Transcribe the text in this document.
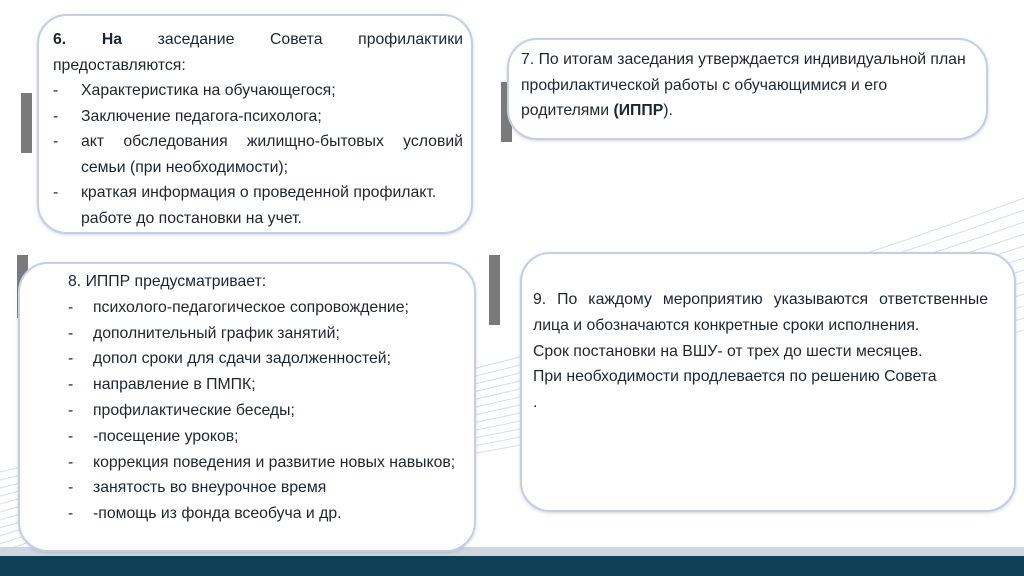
6. На заседание Совета профилактики

предоставляются:

- Характеристика на обучающегося;
- Заключение педагога-психолога;
- акт обследования жилищно-бытовых условий семьи (при необходимости);
- краткая информация о проведенной профилакт. работе до постановки на учет.

7. По итогам заседания утверждается индивидуальной план профилактической работы с обучающимися и его родителями (ИППР).

8. ИППР предусматривает:

- психолого-педагогическое сопровождение;
- дополнительный график занятий;
- допол сроки для сдачи задолженностей;
- направление в ПМПК;
- профилактические беседы;
- -посещение уроков;
- коррекция поведения и развитие новых навыков;
- занятость во внеурочное время
- -помощь из фонда всеобуча и др.

9. По каждому мероприятию указываются ответственные лица и обозначаются конкретные сроки исполнения.

Срок постановки на ВШУ- от трех до шести месяцев.

При необходимости продлевается по решению Совета

.
